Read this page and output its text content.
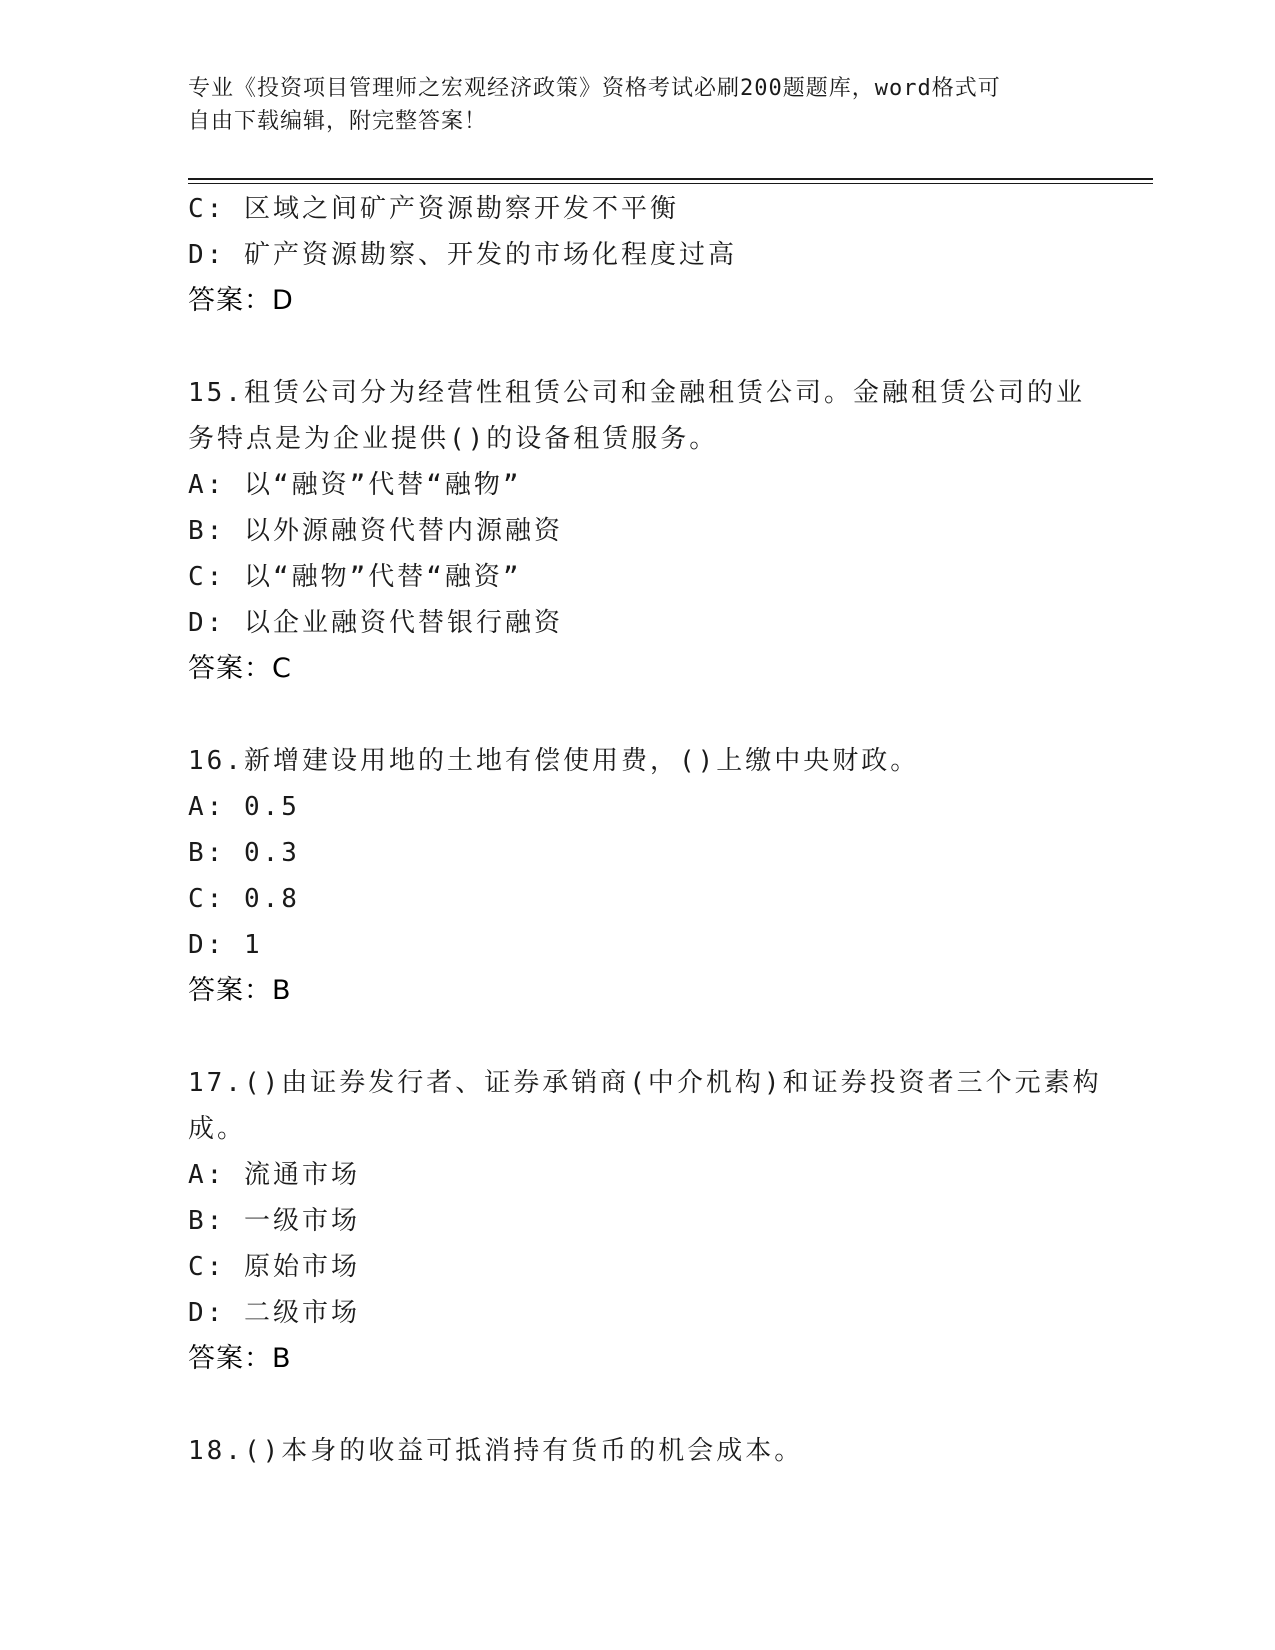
专业《投资项目管理师之宏观经济政策》资格考试必刷200题题库，word格式可
自由下载编辑，附完整答案！
C: 区域之间矿产资源勘察开发不平衡
D: 矿产资源勘察、开发的市场化程度过高
答案：D
15.租赁公司分为经营性租赁公司和金融租赁公司。金融租赁公司的业
务特点是为企业提供()的设备租赁服务。
A: 以“融资”代替“融物”
B: 以外源融资代替内源融资
C: 以“融物”代替“融资”
D: 以企业融资代替银行融资
答案：C
16.新增建设用地的土地有偿使用费，()上缴中央财政。
A: 0.5
B: 0.3
C: 0.8
D: 1
答案：B
17.()由证券发行者、证券承销商(中介机构)和证券投资者三个元素构
成。
A: 流通市场
B: 一级市场
C: 原始市场
D: 二级市场
答案：B
18.()本身的收益可抵消持有货币的机会成本。
